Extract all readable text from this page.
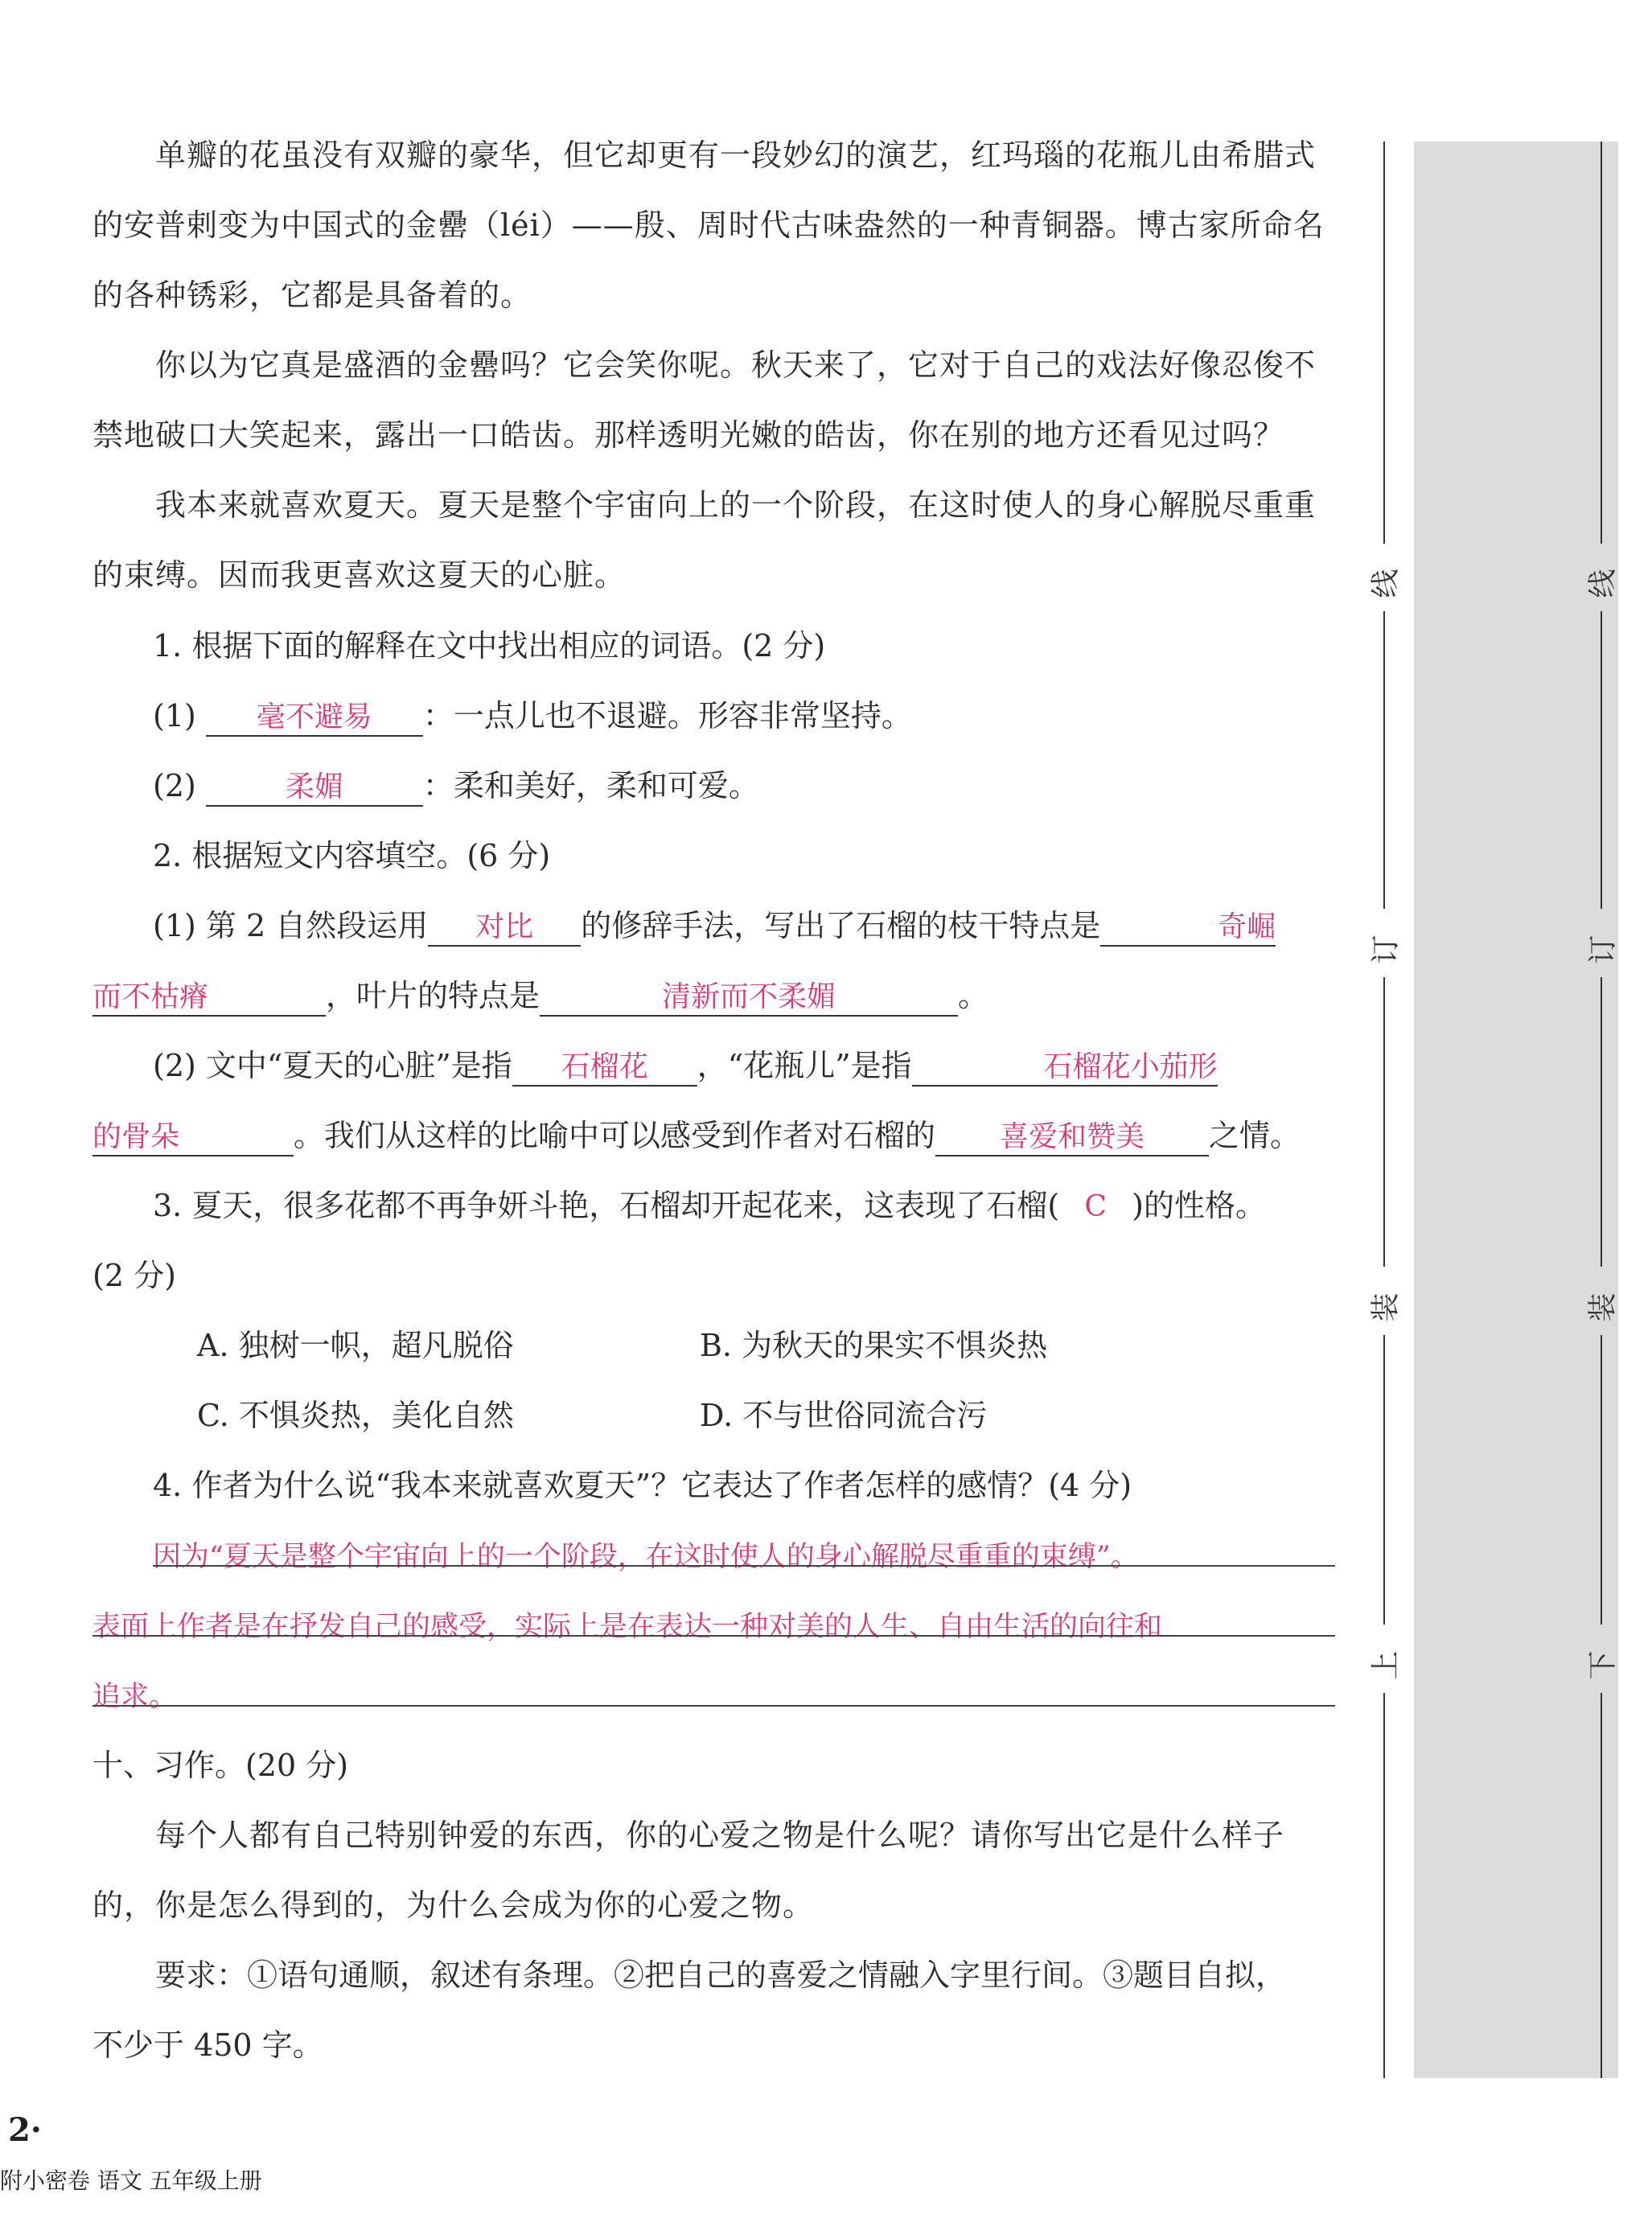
单瓣的花虽没有双瓣的豪华，但它却更有一段妙幻的演艺，红玛瑙的花瓶儿由希腊式的安普剌变为中国式的金罍（léi）——殷、周时代古味盎然的一种青铜器。博古家所命名的各种锈彩，它都是具备着的。

你以为它真是盛酒的金罍吗？它会笑你呢。秋天来了，它对于自己的戏法好像忍俊不禁地破口大笑起来，露出一口皓齿。那样透明光嫩的皓齿，你在别的地方还看见过吗？

我本来就喜欢夏天。夏天是整个宇宙向上的一个阶段，在这时使人的身心解脱尽重重的束缚。因而我更喜欢这夏天的心脏。

1. 根据下面的解释在文中找出相应的词语。(2 分)
(1) 毫不避易 ：一点儿也不退避。形容非常坚持。
(2)	柔媚	：柔和美好，柔和可爱。
2. 根据短文内容填空。(6 分)
(1) 第 2 自然段运用 对比 的修辞手法，写出了石榴的枝干特点是	奇崛
而不枯瘠	，叶片的特点是	清新而不柔媚	。
(2) 文中“夏天的心脏”是指 石榴花 ，“花瓶儿”是指	石榴花小茄形
的骨朵	。我们从这样的比喻中可以感受到作者对石榴的 喜爱和赞美 之情。
3. 夏天，很多花都不再争妍斗艳，石榴却开起花来，这表现了石榴( C )的性格。
(2 分)
A. 独树一帜，超凡脱俗	B. 为秋天的果实不惧炎热
C. 不惧炎热，美化自然	D. 不与世俗同流合污
4. 作者为什么说“我本来就喜欢夏天”？它表达了作者怎样的感情？(4 分)
因为“夏天是整个宇宙向上的一个阶段，在这时使人的身心解脱尽重重的束缚”。
表面上作者是在抒发自己的感受，实际上是在表达一种对美的人生、自由生活的向往和
追求。
十、习作。(20 分)

每个人都有自己特别钟爱的东西，你的心爱之物是什么呢？请你写出它是什么样子的，你是怎么得到的，为什么会成为你的心爱之物。

要求：①语句通顺，叙述有条理。②把自己的喜爱之情融入字里行间。③题目自拟，
不少于 450 字。
线
订
装
上
线
订
装
下
2·
附小密卷 语文 五年级上册
